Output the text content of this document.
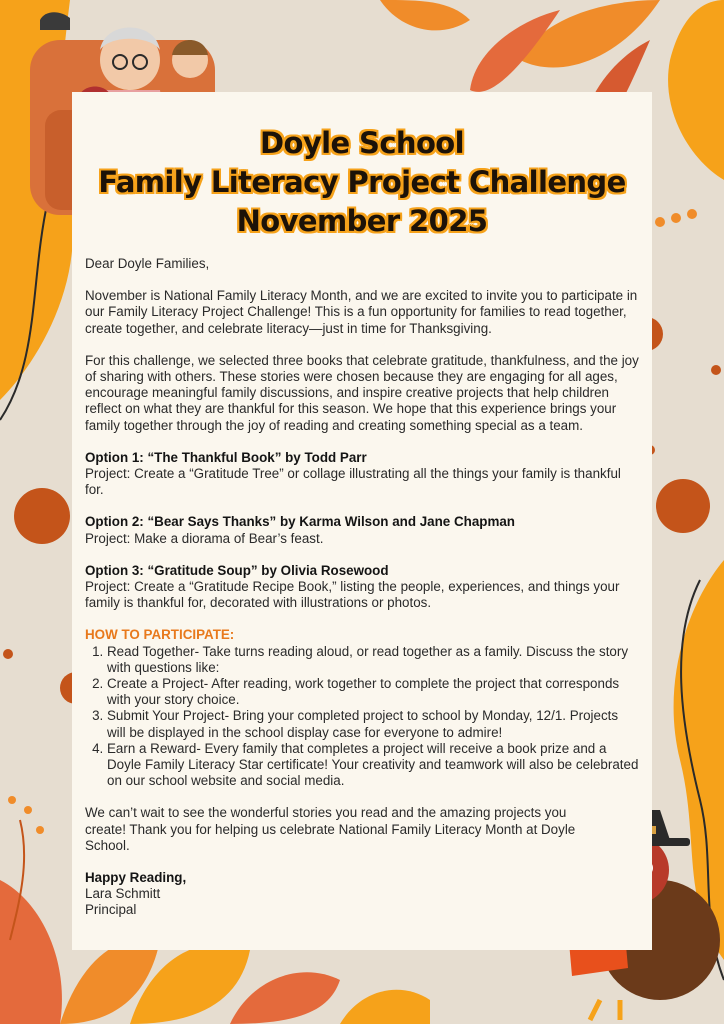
Doyle School
Family Literacy Project Challenge
November 2025

Dear Doyle Families,

November is National Family Literacy Month, and we are excited to invite you to participate in our Family Literacy Project Challenge! This is a fun opportunity for families to read together, create together, and celebrate literacy—just in time for Thanksgiving.

For this challenge, we selected three books that celebrate gratitude, thankfulness, and the joy of sharing with others. These stories were chosen because they are engaging for all ages, encourage meaningful family discussions, and inspire creative projects that help children reflect on what they are thankful for this season. We hope that this experience brings your family together through the joy of reading and creating something special as a team.

Option 1: “The Thankful Book” by Todd Parr
Project: Create a “Gratitude Tree” or collage illustrating all the things your family is thankful for.
Option 2: “Bear Says Thanks” by Karma Wilson and Jane Chapman
Project: Make a diorama of Bear’s feast.
Option 3: “Gratitude Soup” by Olivia Rosewood
Project: Create a “Gratitude Recipe Book,” listing the people, experiences, and things your family is thankful for, decorated with illustrations or photos.
HOW TO PARTICIPATE:
1. Read Together- Take turns reading aloud, or read together as a family. Discuss the story with questions like:
2. Create a Project- After reading, work together to complete the project that corresponds with your story choice.
3. Submit Your Project- Bring your completed project to school by Monday, 12/1. Projects will be displayed in the school display case for everyone to admire!
4. Earn a Reward- Every family that completes a project will receive a book prize and a Doyle Family Literacy Star certificate! Your creativity and teamwork will also be celebrated on our school website and social media.

We can’t wait to see the wonderful stories you read and the amazing projects you create! Thank you for helping us celebrate National Family Literacy Month at Doyle School.

Happy Reading,
Lara Schmitt
Principal
